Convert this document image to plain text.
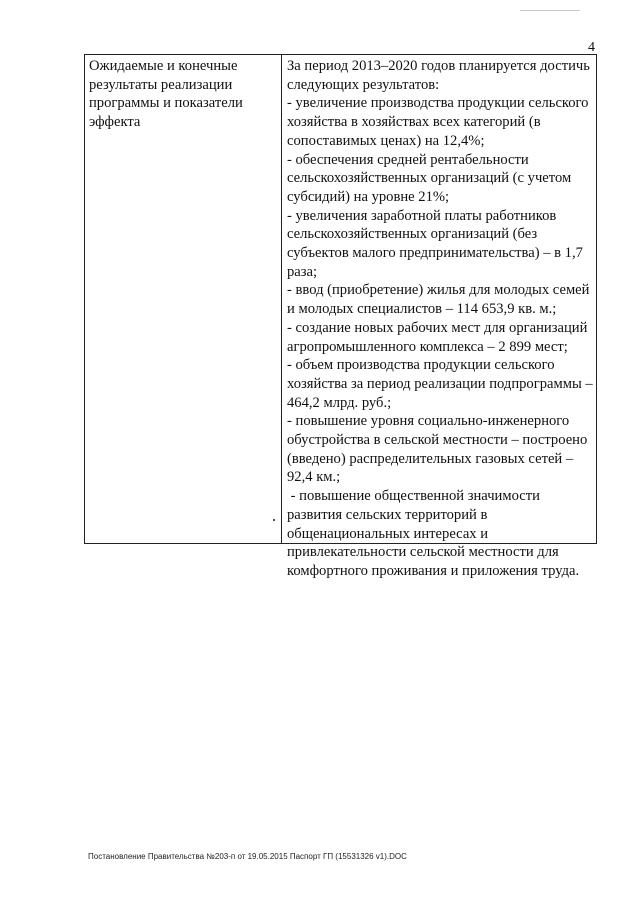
4
Ожидаемые и конечные
результаты реализации
программы и показатели
эффекта
За период 2013–2020 годов планируется достичь
следующих результатов:
- увеличение производства продукции сельского
хозяйства в хозяйствах всех категорий (в
сопоставимых ценах) на 12,4%;
- обеспечения средней рентабельности
сельскохозяйственных организаций (с учетом
субсидий) на уровне 21%;
- увеличения заработной платы работников
сельскохозяйственных организаций (без
субъектов малого предпринимательства) – в 1,7
раза;
- ввод (приобретение) жилья для молодых семей
и молодых специалистов – 114 653,9 кв. м.;
- создание новых рабочих мест для организаций
агропромышленного комплекса – 2 899 мест;
- объем производства продукции сельского
хозяйства за период реализации подпрограммы –
464,2 млрд. руб.;
- повышение уровня социально-инженерного
обустройства в сельской местности – построено
(введено) распределительных газовых сетей –
92,4 км.;
- повышение общественной значимости
развития сельских территорий в
общенациональных интересах и
привлекательности сельской местности для
комфортного проживания и приложения труда.
Постановление Правительства №203-п от 19.05.2015 Паспорт ГП (15531326 v1).DOC
